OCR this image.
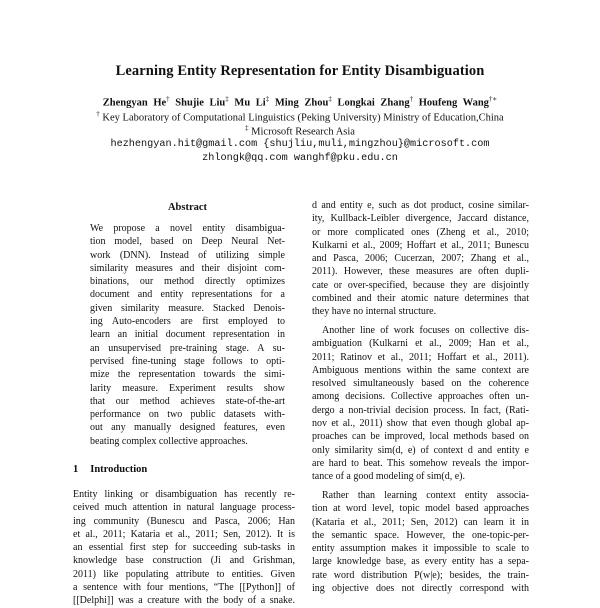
Learning Entity Representation for Entity Disambiguation
Zhengyan He† Shujie Liu‡ Mu Li‡ Ming Zhou‡ Longkai Zhang† Houfeng Wang†∗
† Key Laboratory of Computational Linguistics (Peking University) Ministry of Education,China
‡ Microsoft Research Asia
hezhengyan.hit@gmail.com {shujliu,muli,mingzhou}@microsoft.com
zhlongk@qq.com wanghf@pku.edu.cn
Abstract
We propose a novel entity disambigua-
tion model, based on Deep Neural Net-
work (DNN). Instead of utilizing simple
similarity measures and their disjoint com-
binations, our method directly optimizes
document and entity representations for a
given similarity measure. Stacked Denois-
ing Auto-encoders are first employed to
learn an initial document representation in
an unsupervised pre-training stage. A su-
pervised fine-tuning stage follows to opti-
mize the representation towards the simi-
larity measure. Experiment results show
that our method achieves state-of-the-art
performance on two public datasets with-
out any manually designed features, even
beating complex collective approaches.
1 Introduction
Entity linking or disambiguation has recently re-
ceived much attention in natural language process-
ing community (Bunescu and Pasca, 2006; Han
et al., 2011; Kataria et al., 2011; Sen, 2012). It is
an essential first step for succeeding sub-tasks in
knowledge base construction (Ji and Grishman,
2011) like populating attribute to entities. Given
a sentence with four mentions, “The [[Python]] of
[[Delphi]] was a creature with the body of a snake.
d and entity e, such as dot product, cosine similar-
ity, Kullback-Leibler divergence, Jaccard distance,
or more complicated ones (Zheng et al., 2010;
Kulkarni et al., 2009; Hoffart et al., 2011; Bunescu
and Pasca, 2006; Cucerzan, 2007; Zhang et al.,
2011). However, these measures are often dupli-
cate or over-specified, because they are disjointly
combined and their atomic nature determines that
they have no internal structure.
Another line of work focuses on collective dis-
ambiguation (Kulkarni et al., 2009; Han et al.,
2011; Ratinov et al., 2011; Hoffart et al., 2011).
Ambiguous mentions within the same context are
resolved simultaneously based on the coherence
among decisions. Collective approaches often un-
dergo a non-trivial decision process. In fact, (Rati-
nov et al., 2011) show that even though global ap-
proaches can be improved, local methods based on
only similarity sim(d, e) of context d and entity e
are hard to beat. This somehow reveals the impor-
tance of a good modeling of sim(d, e).
Rather than learning context entity associa-
tion at word level, topic model based approaches
(Kataria et al., 2011; Sen, 2012) can learn it in
the semantic space. However, the one-topic-per-
entity assumption makes it impossible to scale to
large knowledge base, as every entity has a sepa-
rate word distribution P(w|e); besides, the train-
ing objective does not directly correspond with
